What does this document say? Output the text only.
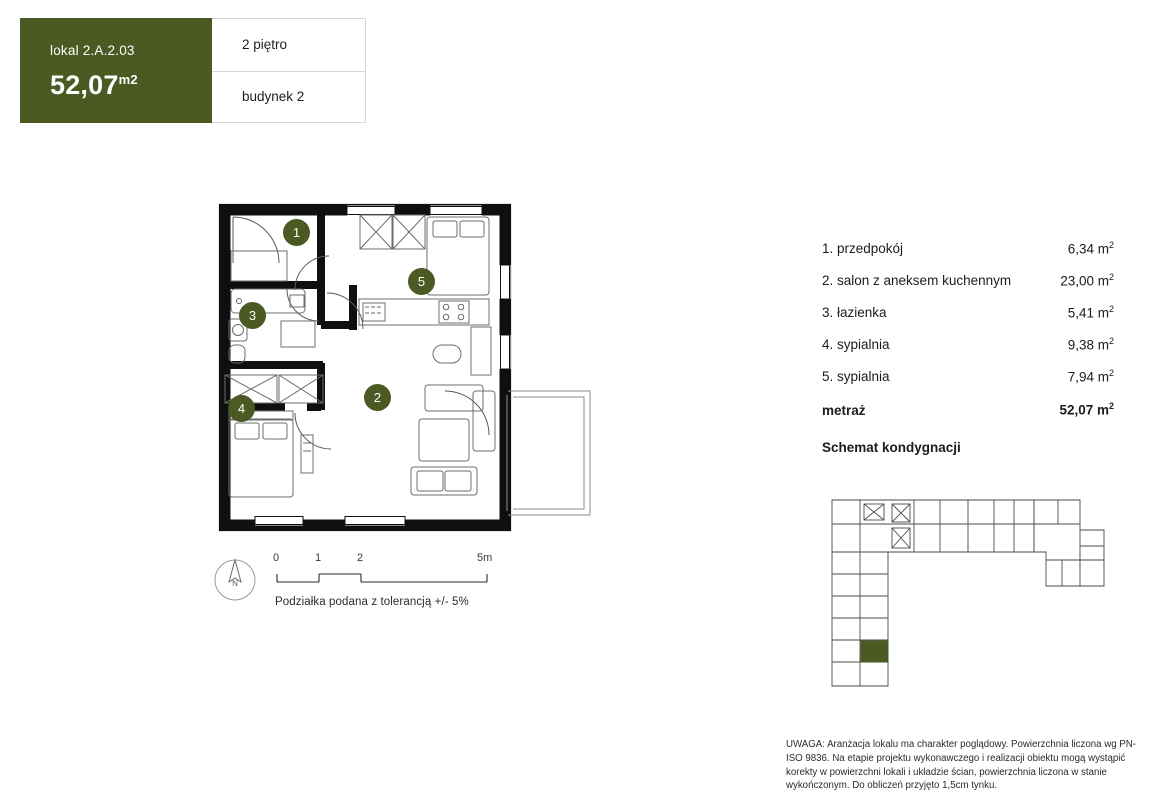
lokal 2.A.2.03
$52,07^{m2}$
2 piętro
budynek 2
1
5
3
2
4
0	1	2	5m
Podziałka podana z tolerancją +/- 5%
N
1. przedpokój	6,34 $m^2$
2. salon z aneksem kuchennym	23,00 $m^2$
3. łazienka	5,41 $m^2$
4. sypialnia	9,38 $m^2$
5. sypialnia	7,94 $m^2$
metraż	52,07 $m^2$
Schemat kondygnacji
UWAGA: Aranżacja lokalu ma charakter poglądowy. Powierzchnia liczona wg PN-ISO 9836. Na etapie projektu wykonawczego i realizacji obiektu mogą wystąpić korekty w powierzchni lokali i układzie ścian, powierzchnia liczona w stanie wykończonym. Do obliczeń przyjęto 1,5cm tynku.
